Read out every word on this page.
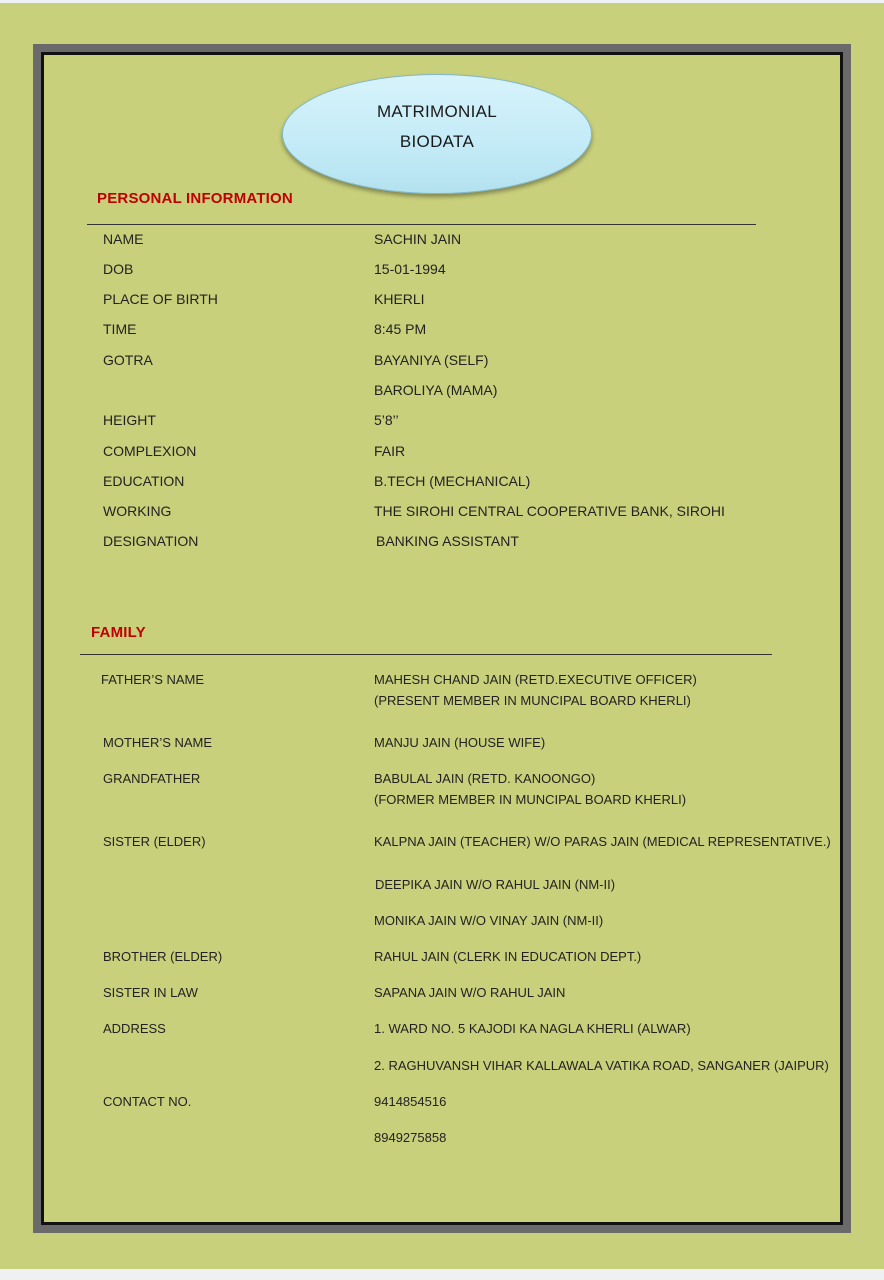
MATRIMONIAL
BIODATA
PERSONAL INFORMATION
NAME	SACHIN JAIN
DOB	15-01-1994
PLACE OF BIRTH	KHERLI
TIME	8:45 PM
GOTRA	BAYANIYA (SELF)
BAROLIYA (MAMA)
HEIGHT	5’8’’
COMPLEXION	FAIR
EDUCATION	B.TECH (MECHANICAL)
WORKING	THE SIROHI CENTRAL COOPERATIVE BANK, SIROHI
DESIGNATION	BANKING ASSISTANT
FAMILY
FATHER’S NAME	MAHESH CHAND JAIN (RETD.EXECUTIVE OFFICER)
(PRESENT MEMBER IN MUNCIPAL BOARD KHERLI)
MOTHER’S NAME	MANJU JAIN (HOUSE WIFE)
GRANDFATHER	BABULAL JAIN (RETD. KANOONGO)
(FORMER MEMBER IN MUNCIPAL BOARD KHERLI)
SISTER (ELDER)	KALPNA JAIN (TEACHER) W/O PARAS JAIN (MEDICAL REPRESENTATIVE.)
DEEPIKA JAIN W/O RAHUL JAIN (NM-II)
MONIKA JAIN W/O VINAY JAIN (NM-II)
BROTHER (ELDER)	RAHUL JAIN (CLERK IN EDUCATION DEPT.)
SISTER IN LAW	SAPANA JAIN W/O RAHUL JAIN
ADDRESS	1. WARD NO. 5 KAJODI KA NAGLA KHERLI (ALWAR)
2. RAGHUVANSH VIHAR KALLAWALA VATIKA ROAD, SANGANER (JAIPUR)
CONTACT NO.	9414854516
8949275858
